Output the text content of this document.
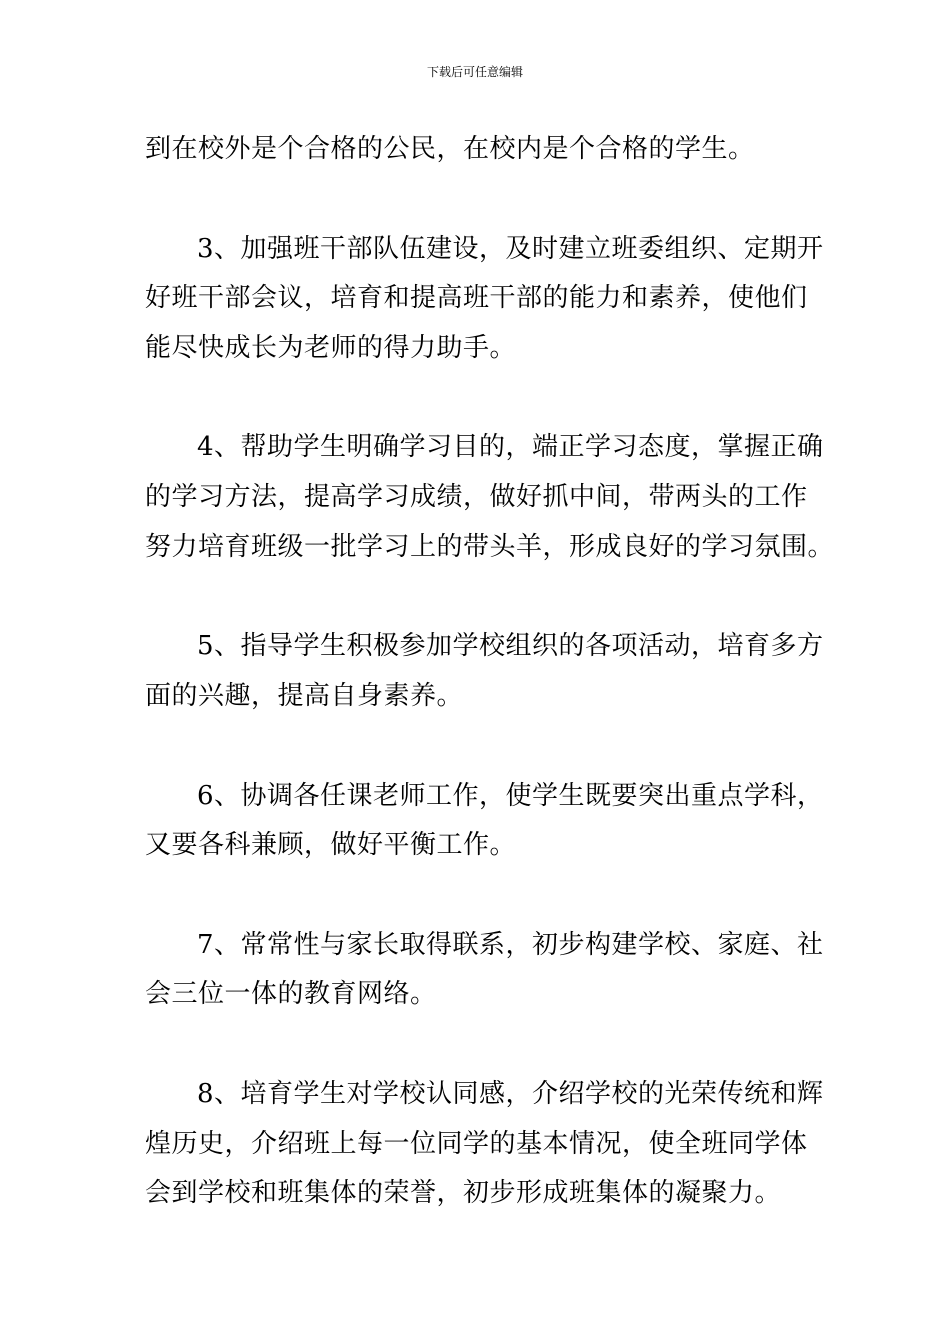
下载后可任意编辑
到在校外是个合格的公民，在校内是个合格的学生。
3、加强班干部队伍建设，及时建立班委组织、定期开
好班干部会议，培育和提高班干部的能力和素养，使他们
能尽快成长为老师的得力助手。
4、帮助学生明确学习目的，端正学习态度，掌握正确
的学习方法，提高学习成绩，做好抓中间，带两头的工作
努力培育班级一批学习上的带头羊，形成良好的学习氛围。
5、指导学生积极参加学校组织的各项活动，培育多方
面的兴趣，提高自身素养。
6、协调各任课老师工作，使学生既要突出重点学科，
又要各科兼顾，做好平衡工作。
7、常常性与家长取得联系，初步构建学校、家庭、社
会三位一体的教育网络。
8、培育学生对学校认同感，介绍学校的光荣传统和辉
煌历史，介绍班上每一位同学的基本情况，使全班同学体
会到学校和班集体的荣誉，初步形成班集体的凝聚力。
